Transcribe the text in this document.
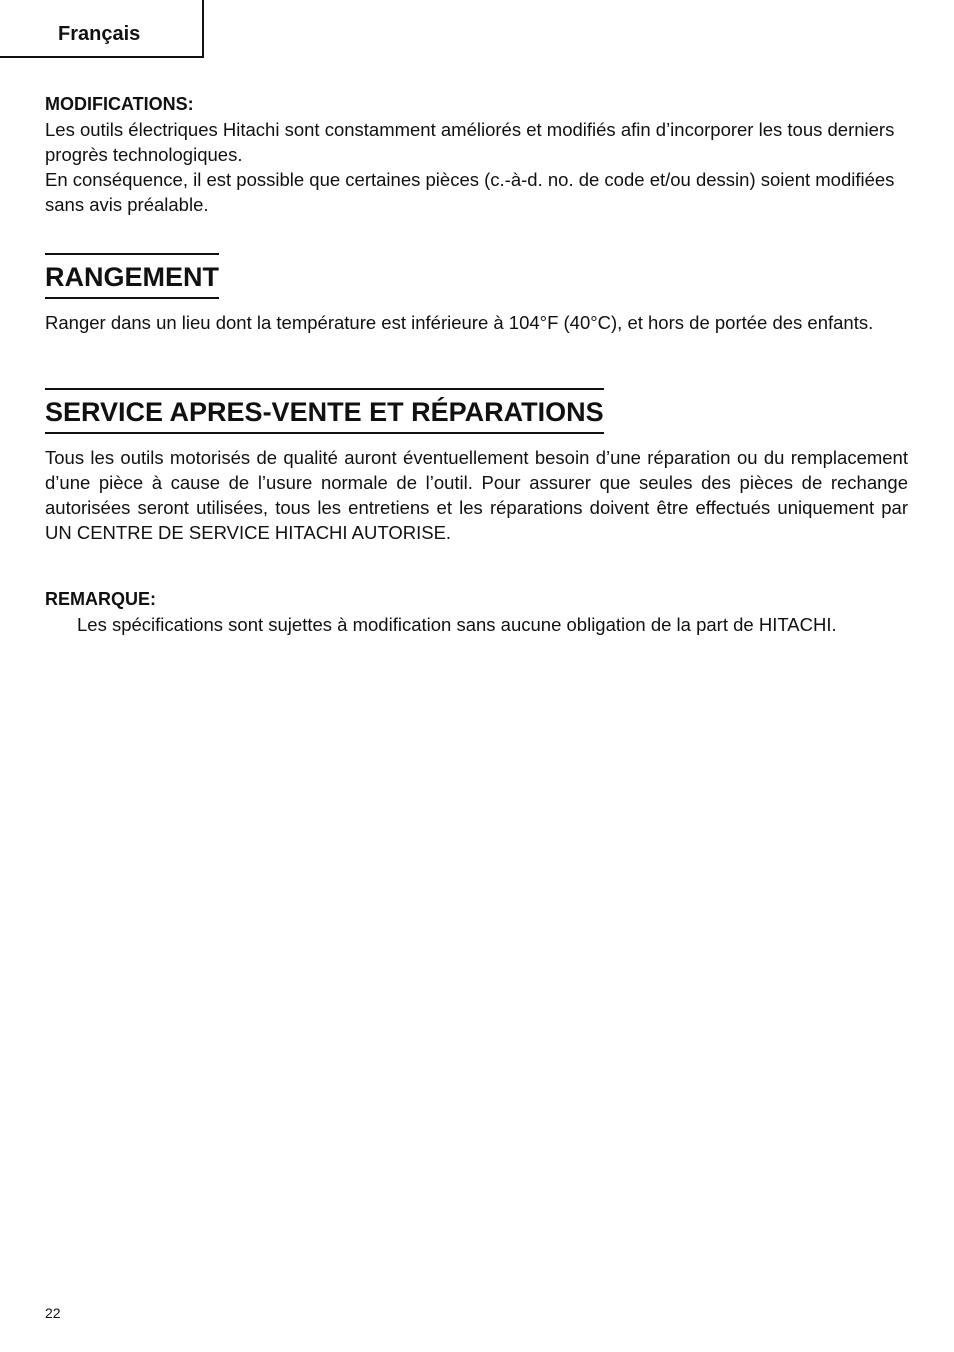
Français

MODIFICATIONS:

Les outils électriques Hitachi sont constamment améliorés et modifiés afin d’incorporer les tous derniers progrès technologiques.

En conséquence, il est possible que certaines pièces (c.-à-d. no. de code et/ou dessin) soient modifiées sans avis préalable.

RANGEMENT

Ranger dans un lieu dont la température est inférieure à 104°F (40°C), et hors de portée des enfants.

SERVICE APRES-VENTE ET RÉPARATIONS

Tous les outils motorisés de qualité auront éventuellement besoin d’une réparation ou du remplacement d’une pièce à cause de l’usure normale de l’outil. Pour assurer que seules des pièces de rechange autorisées seront utilisées, tous les entretiens et les réparations doivent être effectués uniquement par UN CENTRE DE SERVICE HITACHI AUTORISE.

REMARQUE:

Les spécifications sont sujettes à modification sans aucune obligation de la part de HITACHI.

22
